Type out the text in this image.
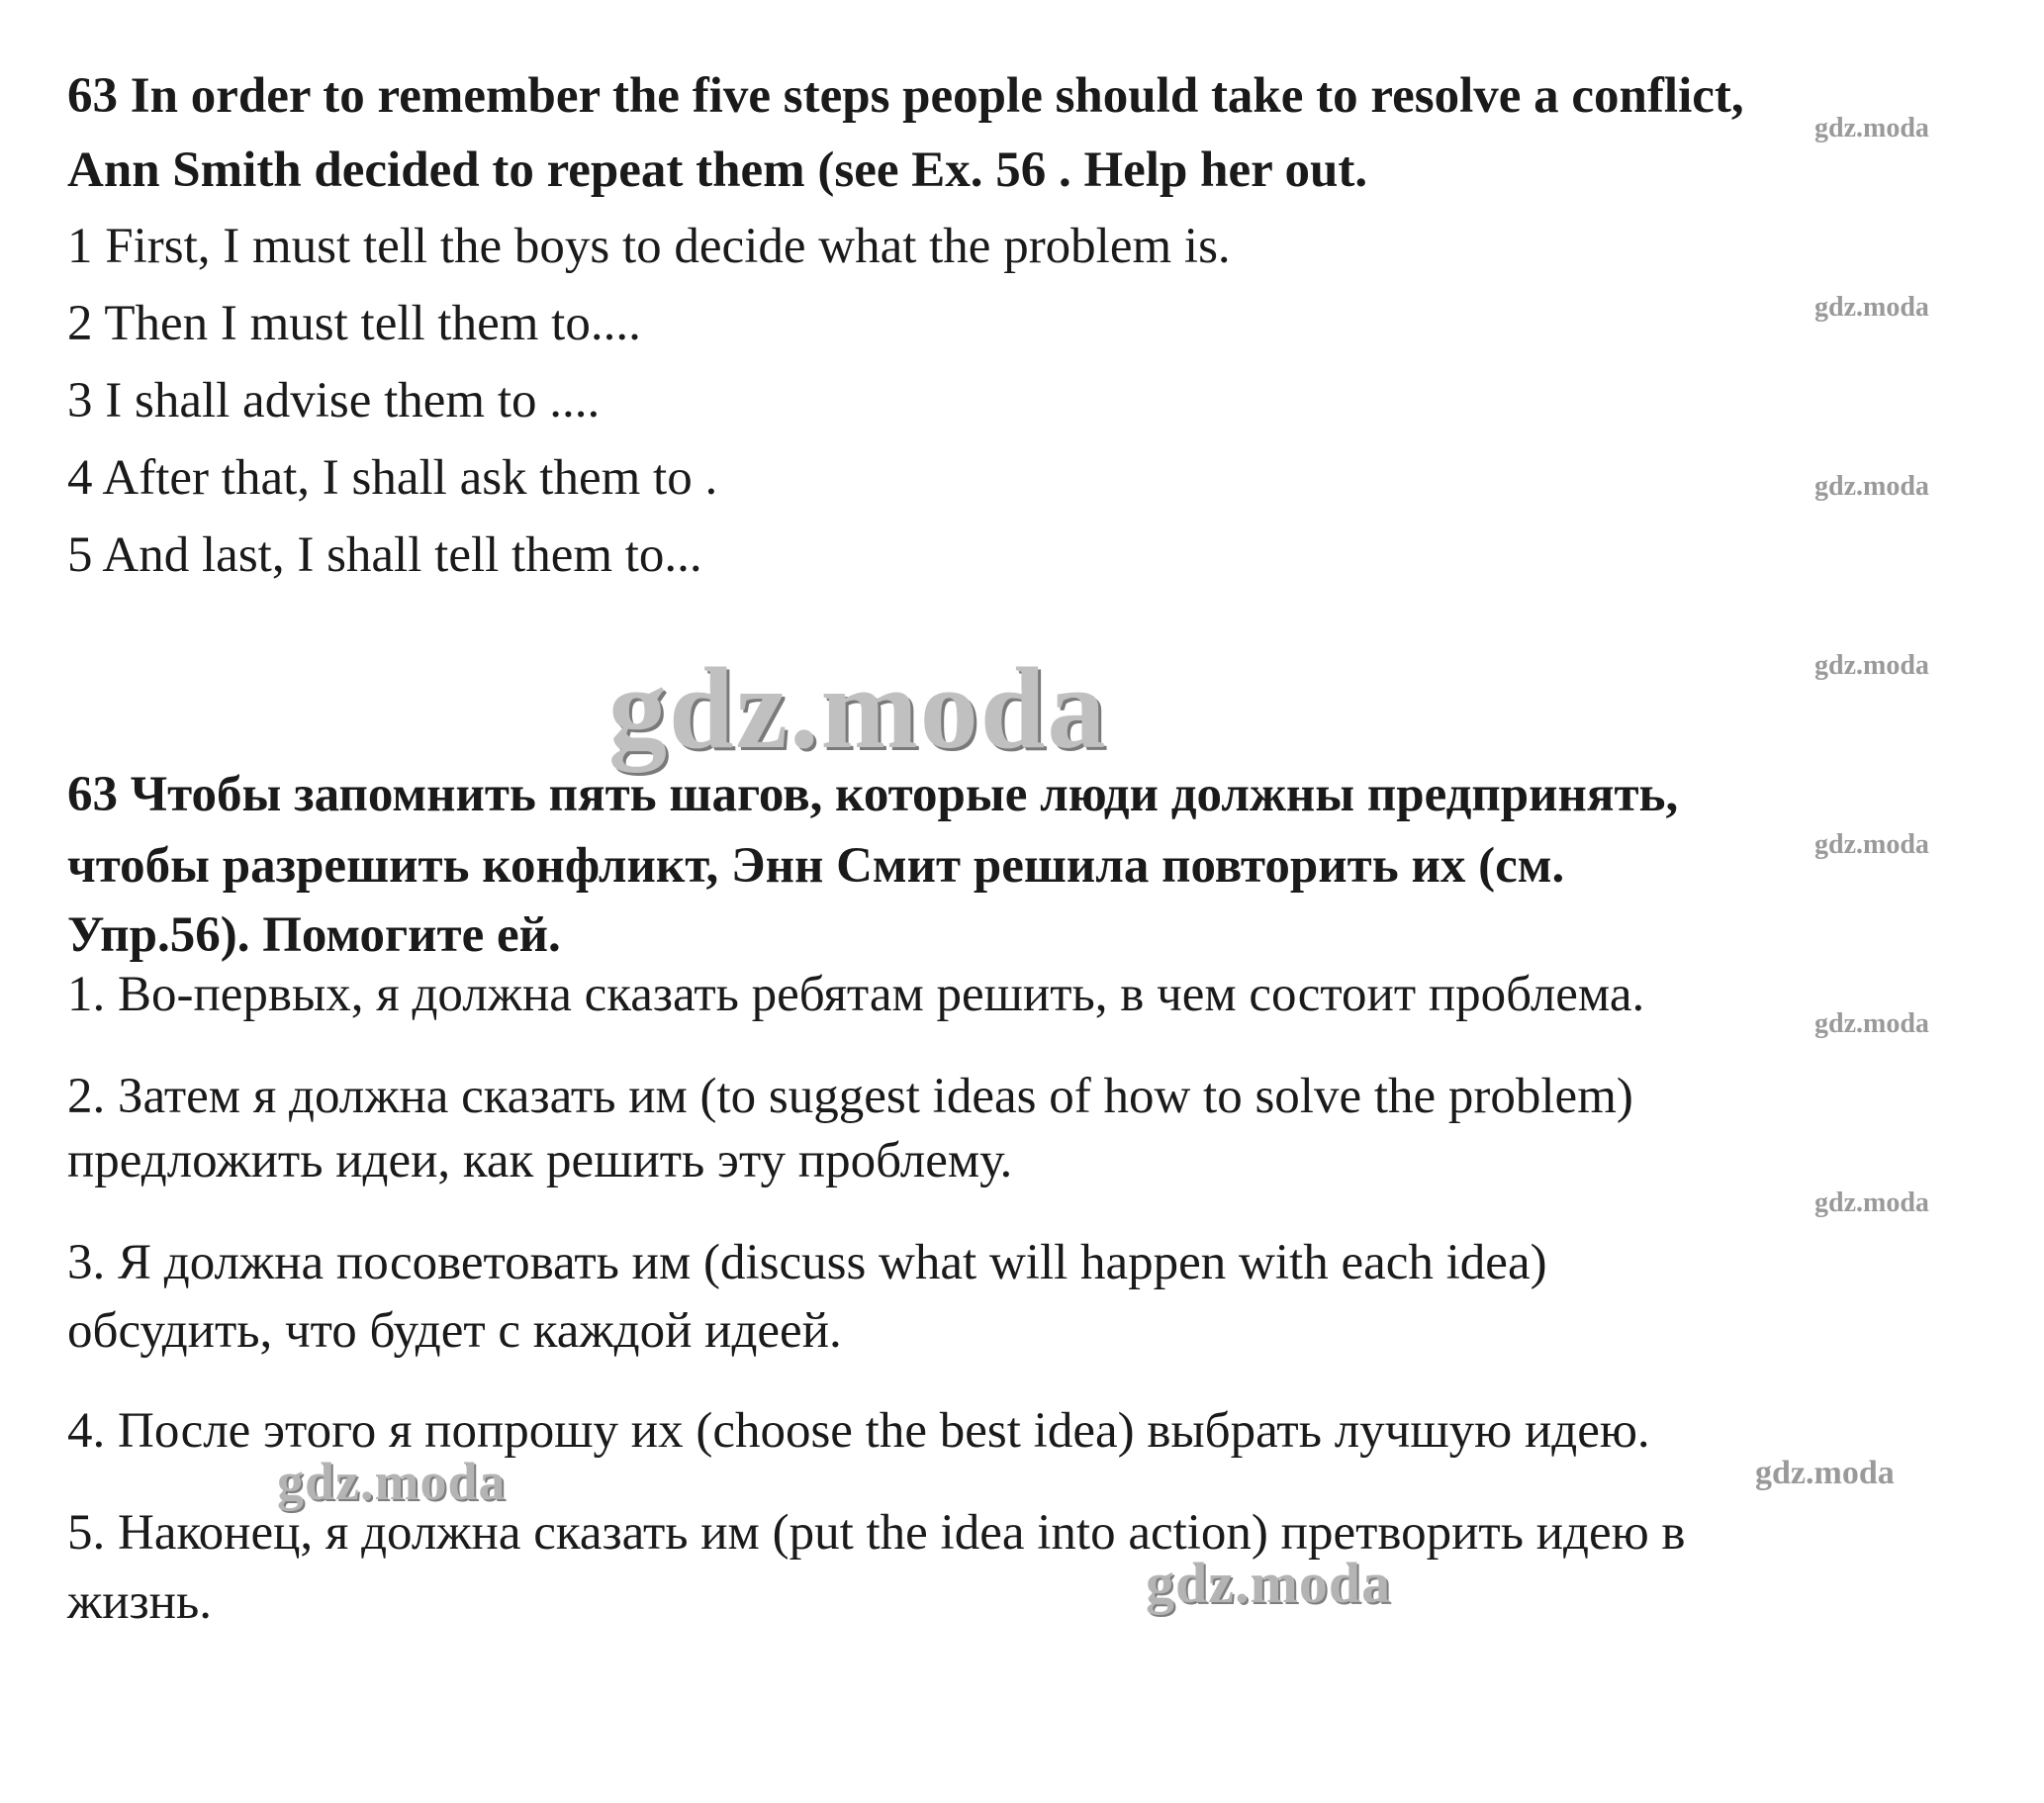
63 In order to remember the five steps people should take to resolve a conflict,
Ann Smith decided to repeat them (see Ex. 56 . Help her out.
1 First, I must tell the boys to decide what the problem is.
2 Then I must tell them to....
3 I shall advise them to ....
4 After that, I shall ask them to .
5 And last, I shall tell them to...
gdz.moda
63 Чтобы запомнить пять шагов, которые люди должны предпринять,
чтобы разрешить конфликт, Энн Смит решила повторить их (см.
Упр.56). Помогите ей.
1. Во-первых, я должна сказать ребятам решить, в чем состоит проблема.
2. Затем я должна сказать им (to suggest ideas of how to solve the problem)
предложить идеи, как решить эту проблему.
3. Я должна посоветовать им (discuss what will happen with each idea)
обсудить, что будет с каждой идеей.
4. После этого я попрошу их (choose the best idea) выбрать лучшую идею.
5. Наконец, я должна сказать им (put the idea into action) претворить идею в
жизнь.
gdz.moda
gdz.moda
gdz.moda
gdz.moda
gdz.moda
gdz.moda
gdz.moda
gdz.moda
gdz.moda
gdz.moda
